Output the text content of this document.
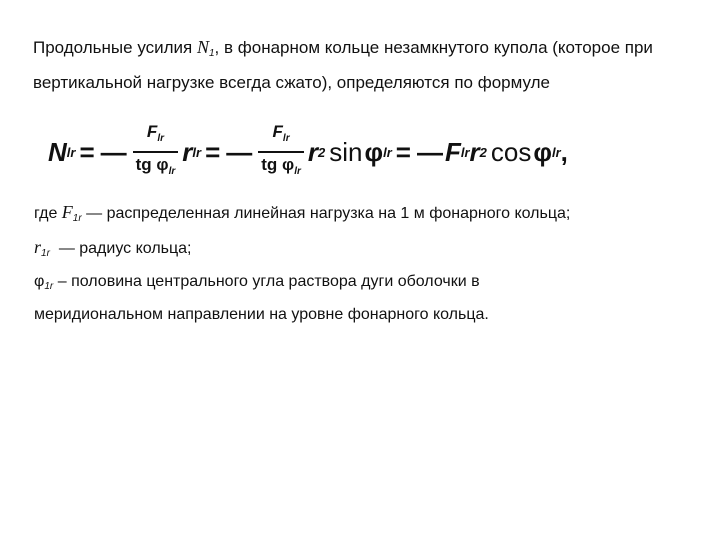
Продольные усилия $N_1$, в фонарном кольце незамкнутого купола (которое при вертикальной нагрузке всегда сжато), определяются по формуле

N lr = — $\frac{F_{lr}}{tg \varphi_{lr}}$ r lr = — $\frac{F_{lr}}{tg \varphi_{lr}}$ r 2 sin φ lr = — F lr r 2 cos φ lr ,
где $F_{1r}$ — распределенная линейная нагрузка на 1 м фонарного кольца;
$r_{1r}$  — радиус кольца;
$\varphi_{1r}$ – половина центрального угла раствора дуги оболочки в
меридиональном направлении на уровне фонарного кольца.
